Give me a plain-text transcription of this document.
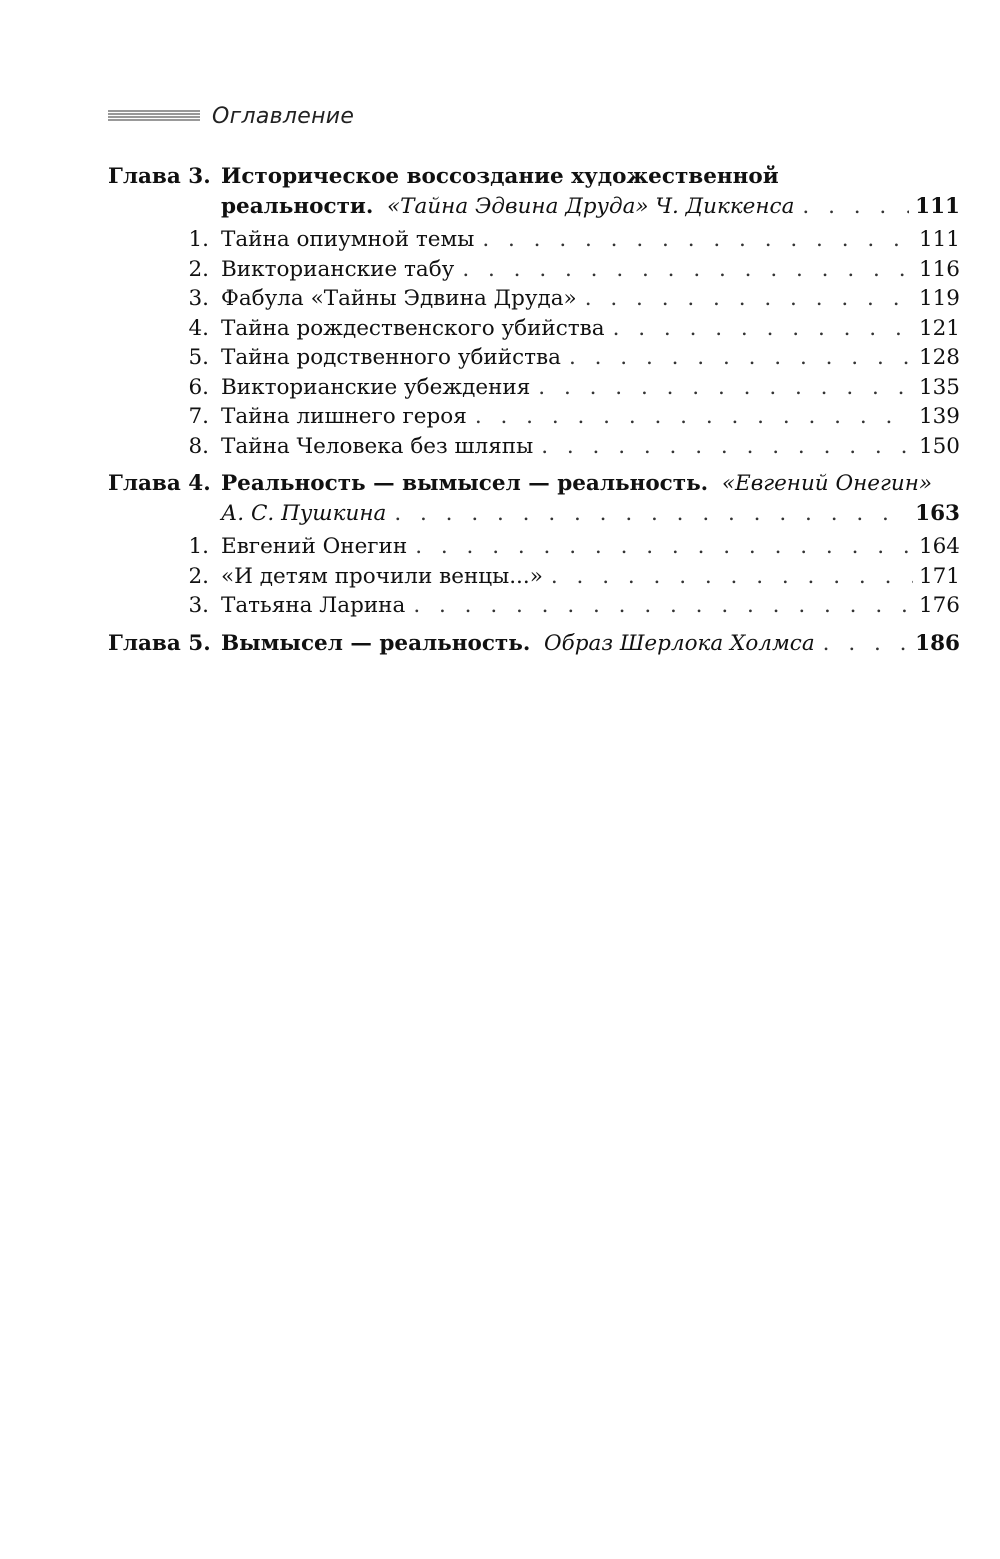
Оглавление
Глава 3. Историческое воссоздание художественной
реальности. «Тайна Эдвина Друда» Ч. Диккенса . . .	111
1. Тайна опиумной темы . . .	111
2. Викторианские табу . . .	116
3. Фабула «Тайны Эдвина Друда» . . .	119
4. Тайна рождественского убийства . . .	121
5. Тайна родственного убийства . . .	128
6. Викторианские убеждения . . .	135
7. Тайна лишнего героя . . .	139
8. Тайна Человека без шляпы . . .	150
Глава 4. Реальность — вымысел — реальность. «Евгений Онегин»
А. С. Пушкина . . .	163
1. Евгений Онегин . . .	164
2. «И детям прочили венцы...» . . .	171
3. Татьяна Ларина . . .	176
Глава 5. Вымысел — реальность. Образ Шерлока Холмса . . .	186
